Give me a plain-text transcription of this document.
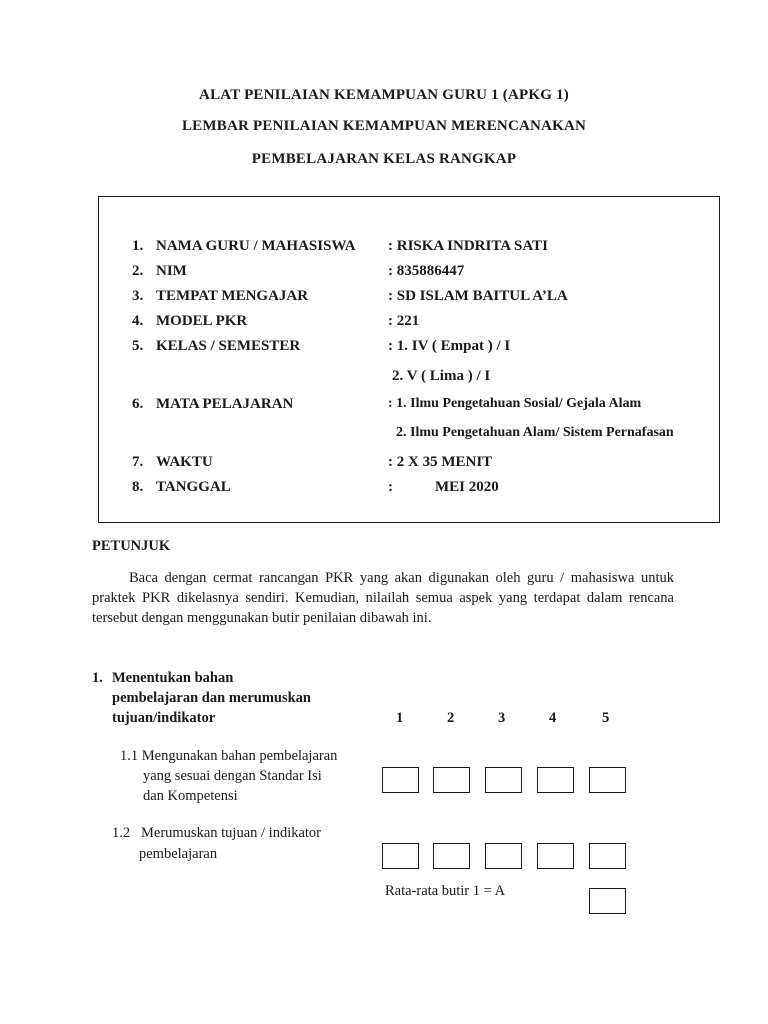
ALAT PENILAIAN KEMAMPUAN GURU 1 (APKG 1)
LEMBAR PENILAIAN KEMAMPUAN MERENCANAKAN
PEMBELAJARAN KELAS RANGKAP
1. NAMA GURU / MAHASISWA : RISKA INDRITA SATI
2. NIM	: 835886447
3. TEMPAT MENGAJAR	: SD ISLAM BAITUL A’LA
4. MODEL PKR	: 221
5. KELAS / SEMESTER	: 1. IV ( Empat ) / I
2. V ( Lima ) / I
6. MATA PELAJARAN	: 1. Ilmu Pengetahuan Sosial/ Gejala Alam
2. Ilmu Pengetahuan Alam/ Sistem Pernafasan
7. WAKTU	: 2 X 35 MENIT
8. TANGGAL	:	MEI 2020
PETUNJUK

Baca dengan cermat rancangan PKR yang akan digunakan oleh guru / mahasiswa untuk praktek PKR dikelasnya sendiri. Kemudian, nilailah semua aspek yang terdapat dalam rencana tersebut dengan menggunakan butir penilaian dibawah ini.

1. Menentukan bahan
pembelajaran dan merumuskan
tujuan/indikator	1	2	3	4	5
1.1 Mengunakan bahan pembelajaran
yang sesuai dengan Standar Isi
dan Kompetensi
1.2   Merumuskan tujuan / indikator
pembelajaran
Rata-rata butir 1 = A
